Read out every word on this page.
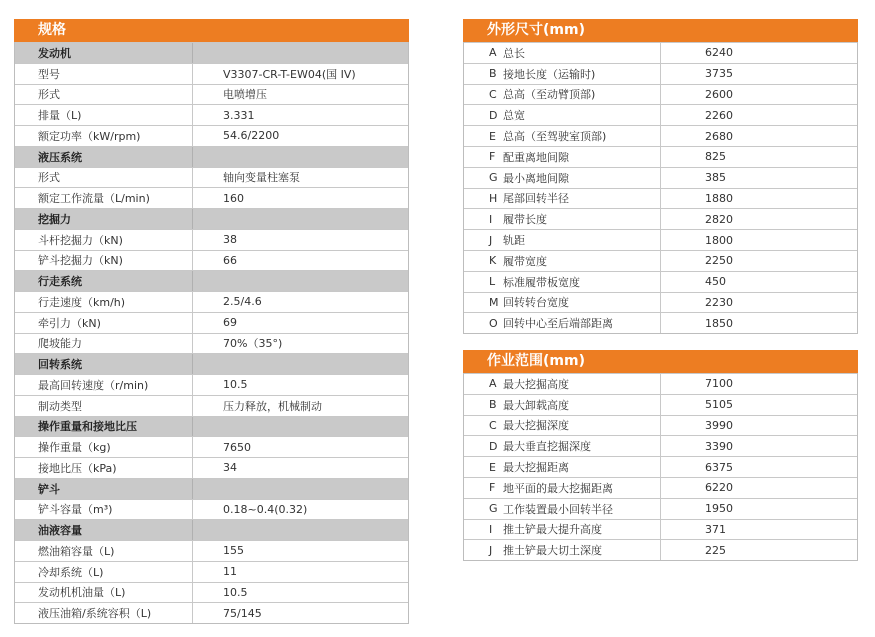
规格
发动机
型号	V3307-CR-T-EW04(国 IV)
形式	电喷增压
排量（L)	3.331
额定功率（kW/rpm)	54.6/2200
液压系统
形式	轴向变量柱塞泵
额定工作流量（L/min)	160
挖掘力
斗杆挖掘力（kN)	38
铲斗挖掘力（kN)	66
行走系统
行走速度（km/h)	2.5/4.6
牵引力（kN)	69
爬坡能力	70%（35°)
回转系统
最高回转速度（r/min)	10.5
制动类型	压力释放，机械制动
操作重量和接地比压
操作重量（kg)	7650
接地比压（kPa)	34
铲斗
铲斗容量（m³)	0.18~0.4(0.32)
油液容量
燃油箱容量（L)	155
冷却系统（L)	11
发动机机油量（L)	10.5
液压油箱/系统容积（L)	75/145
外形尺寸(mm)
A 总长	6240
B 接地长度（运输时)	3735
C 总高（至动臂顶部)	2600
D 总宽	2260
E 总高（至驾驶室顶部)	2680
F 配重离地间隙	825
G 最小离地间隙	385
H 尾部回转半径	1880
I 履带长度	2820
J 轨距	1800
K 履带宽度	2250
L 标准履带板宽度	450
M 回转转台宽度	2230
O 回转中心至后端部距离	1850
作业范围(mm)
A 最大挖掘高度	7100
B 最大卸载高度	5105
C 最大挖掘深度	3990
D 最大垂直挖掘深度	3390
E 最大挖掘距离	6375
F 地平面的最大挖掘距离	6220
G 工作装置最小回转半径	1950
I 推土铲最大提升高度	371
J 推土铲最大切土深度	225
